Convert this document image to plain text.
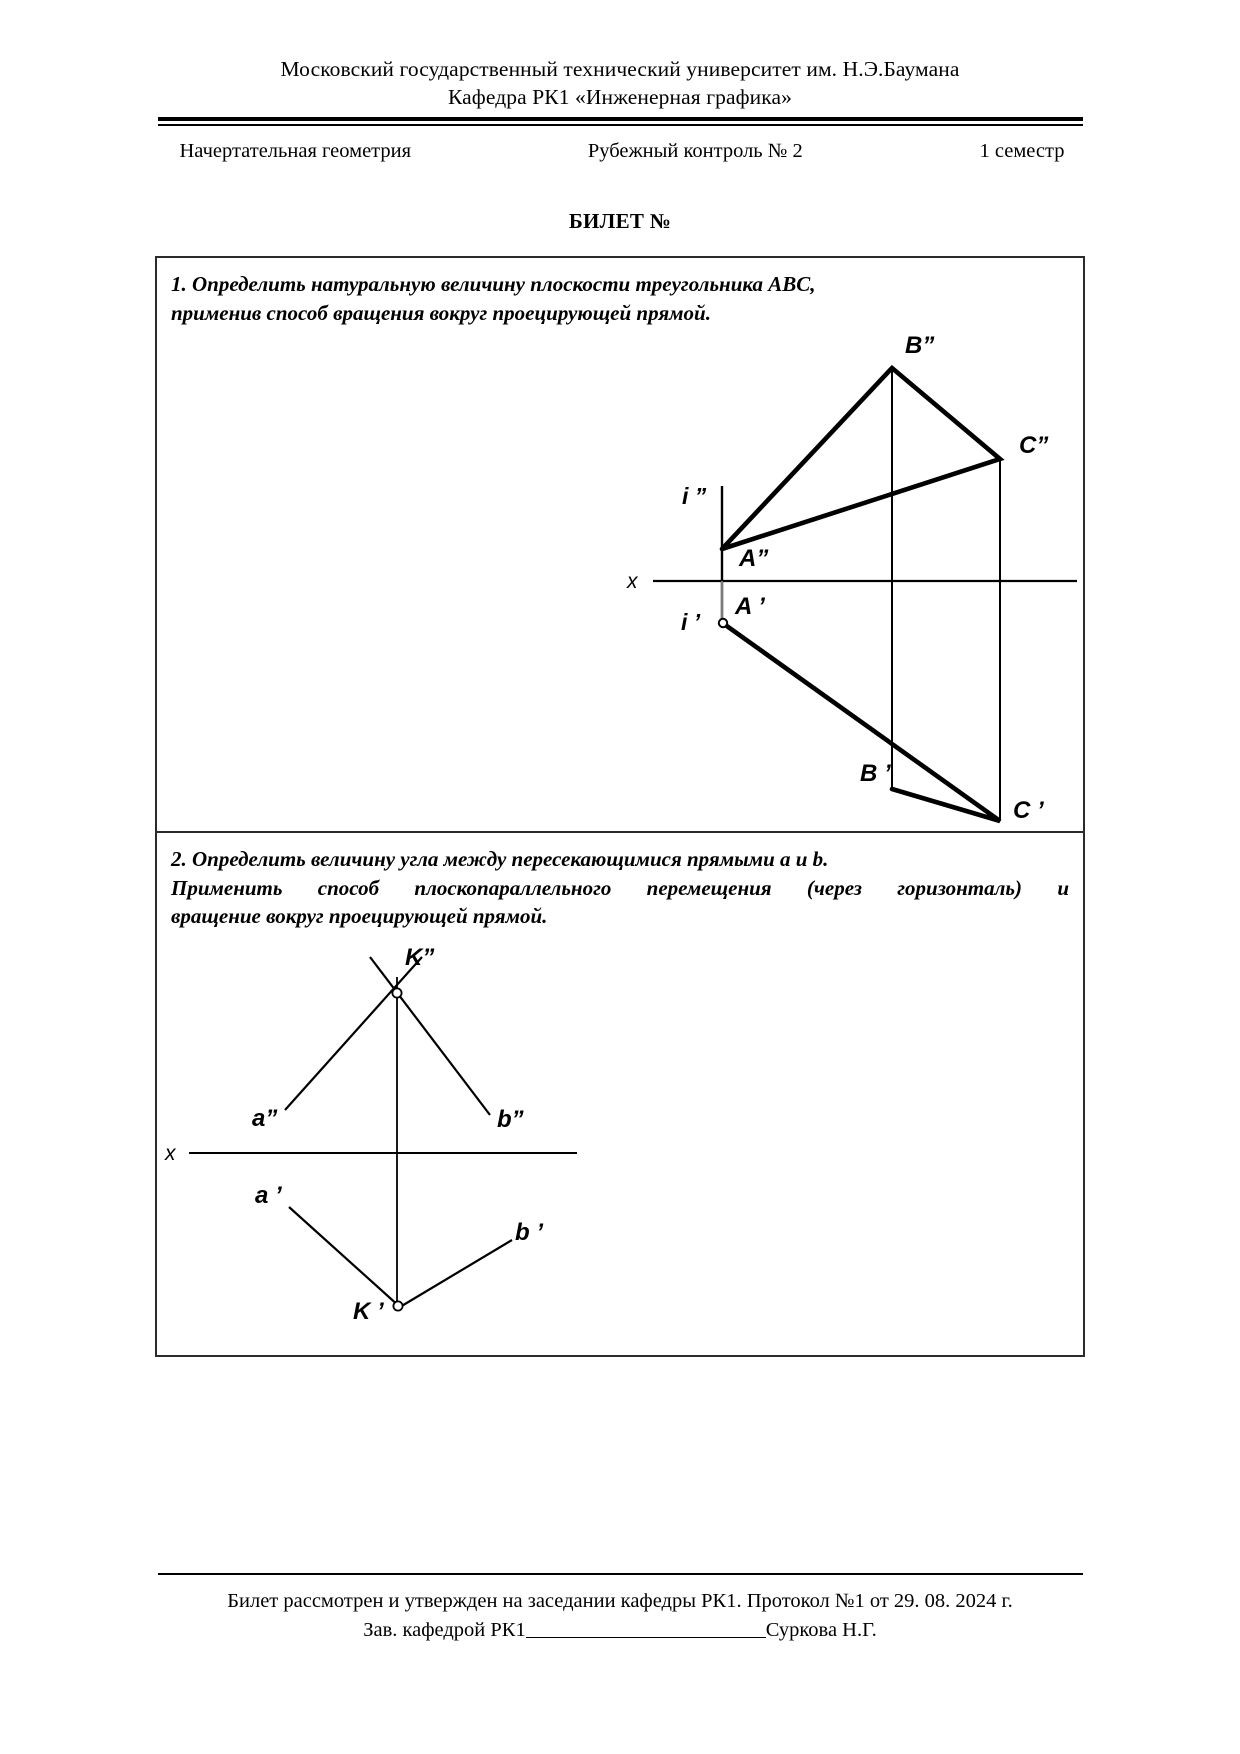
Московский государственный технический университет им. Н.Э.Баумана
Кафедра РК1 «Инженерная графика»
Начертательная геометрия	Рубежный контроль № 2	1 семестр
БИЛЕТ №
1. Определить натуральную величину плоскости треугольника ABC,
применив способ вращения вокруг проецирующей прямой.
x
B”
C”
A”
i ”
i ’
A ’
B ’
C ’
2. Определить величину угла между пересекающимися прямыми a и b.
Применить способ плоскопараллельного перемещения (через горизонталь) и
вращение вокруг проецирующей прямой.
x
K”
a”	b”
a ’
b ’
K ’
Билет рассмотрен и утвержден на заседании кафедры РК1. Протокол №1 от 29. 08. 2024 г.
Зав. кафедрой РК1	Суркова Н.Г.
